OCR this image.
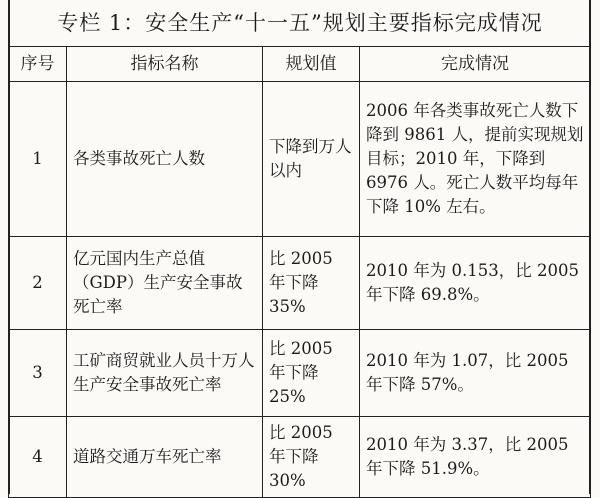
专栏 1：安全生产“十一五”规划主要指标完成情况
序号	指标名称	规划值	完成情况
1	各类事故死亡人数	下降到万人以内	2006 年各类事故死亡人数下降到 9861 人，提前实现规划目标；2010 年，下降到 6976 人。死亡人数平均每年下降 10% 左右。
2	亿元国内生产总值（GDP）生产安全事故死亡率	比 2005 年下降 35%	2010 年为 0.153，比 2005 年下降 69.8%。
3	工矿商贸就业人员十万人生产安全事故死亡率	比 2005 年下降 25%	2010 年为 1.07，比 2005 年下降 57%。
4	道路交通万车死亡率	比 2005 年下降 30%	2010 年为 3.37，比 2005 年下降 51.9%。
